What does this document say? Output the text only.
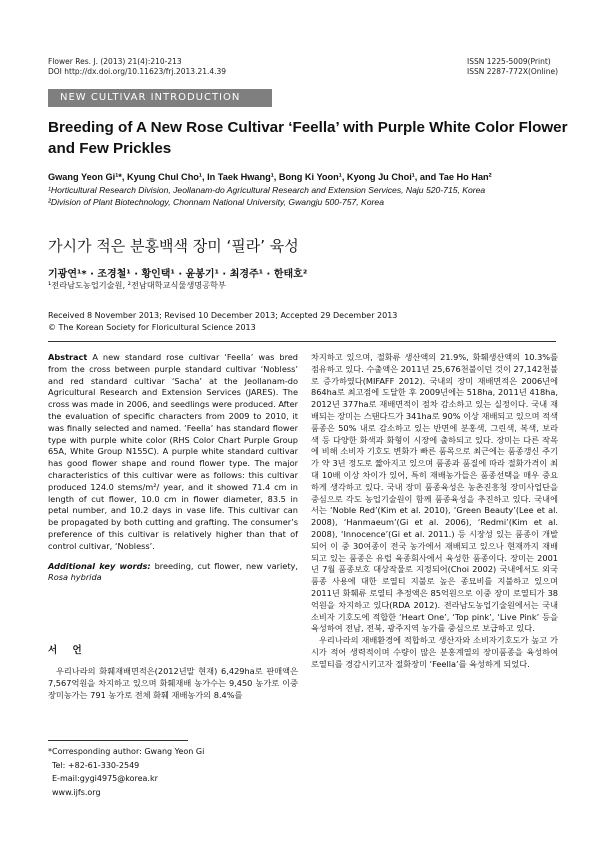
Flower Res. J. (2013) 21(4):210-213
DOI http://dx.doi.org/10.11623/frj.2013.21.4.39
ISSN 1225-5009(Print)
ISSN 2287-772X(Online)
NEW CULTIVAR INTRODUCTION
Breeding of A New Rose Cultivar ‘Feella’ with Purple White Color Flower and Few Prickles
Gwang Yeon Gi¹*, Kyung Chul Cho¹, In Taek Hwang¹, Bong Ki Yoon¹, Kyong Ju Choi¹, and Tae Ho Han²
¹Horticultural Research Division, Jeollanam-do Agricultural Research and Extension Services, Naju 520-715, Korea
²Division of Plant Biotechnology, Chonnam National University, Gwangju 500-757, Korea
가시가 적은 분홍백색 장미 ‘필라’ 육성
기광연¹* · 조경철¹ · 황인택¹ · 윤봉기¹ · 최경주¹ · 한태호²
¹전라남도농업기술원, ²전남대학교식물생명공학부
Received 8 November 2013; Revised 10 December 2013; Accepted 29 December 2013
© The Korean Society for Floricultural Science 2013

Abstract A new standard rose cultivar ‘Feella’ was bred from the cross between purple standard cultivar ‘Nobless’ and red standard cultivar ‘Sacha’ at the Jeollanam-do Agricultural Research and Extension Services (JARES). The cross was made in 2006, and seedlings were produced. After the evaluation of specific characters from 2009 to 2010, it was finally selected and named. ‘Feella’ has standard flower type with purple white color (RHS Color Chart Purple Group 65A, White Group N155C). A purple white standard cultivar has good flower shape and round flower type. The major characteristics of this cultivar were as follows: this cultivar produced 124.0 stems/m²/ year, and it showed 71.4 cm in length of cut flower, 10.0 cm in flower diameter, 83.5 in petal number, and 10.2 days in vase life. This cultivar can be propagated by both cutting and grafting. The consumer’s preference of this cultivar is relatively higher than that of control cultivar, ‘Nobless’.

Additional key words: breeding, cut flower, new variety, Rosa hybrida

서 언

우리나라의 화훼재배면적은(2012년말 현재) 6,429ha로 판매액은 7,567억원을 차지하고 있으며 화훼재배 농가수는 9,450 농가로 이중 장미농가는 791 농가로 전체 화훼 재배농가의 8.4%를

*Corresponding author: Gwang Yeon Gi
Tel: +82-61-330-2549
E-mail:gygi4975@korea.kr
www.ijfs.org

차지하고 있으며, 절화류 생산액의 21.9%, 화훼생산액의 10.3%를 점유하고 있다. 수출액은 2011년 25,676천불이던 것이 27,142천불로 증가하였다(MIFAFF 2012). 국내의 장미 재배면적은 2006년에 864ha로 최고점에 도달한 후 2009년에는 518ha, 2011년 418ha, 2012년 377ha로 재배면적이 점차 감소하고 있는 실정이다. 국내 재배되는 장미는 스탠다드가 341ha로 90% 이상 재배되고 있으며 적색품종은 50% 내로 감소하고 있는 반면에 분홍색, 그린색, 복색, 보라색 등 다양한 화색과 화형이 시장에 출하되고 있다. 장미는 다른 작목에 비해 소비자 기호도 변화가 빠른 품목으로 최근에는 품종갱신 주기가 약 3년 정도로 짧아지고 있으며 품종과 품질에 따라 절화가격이 최대 10배 이상 차이가 있어, 특히 재배농가들은 품종선택을 매우 중요하게 생각하고 있다. 국내 장미 품종육성은 농촌진흥청 장미사업단을 중심으로 각도 농업기술원이 함께 품종육성을 추진하고 있다. 국내에서는 ‘Noble Red’(Kim et al. 2010), ‘Green Beauty’(Lee et al. 2008), ‘Hanmaeum’(Gi et al. 2006), ‘Redmi’(Kim et al. 2008), ‘Innocence’(Gi et al. 2011.) 등 시장성 있는 품종이 개발되어 이 중 30여종이 전국 농가에서 재배되고 있으나 현재까지 재배되고 있는 품종은 유럽 육종회사에서 육성한 품종이다. 장미는 2001년 7월 품종보호 대상작물로 지정되어(Choi 2002) 국내에서도 외국 품종 사용에 대한 로열티 지불로 높은 종묘비를 지불하고 있으며 2011년 화훼류 로열티 추정액은 85억원으로 이중 장미 로열티가 38억원을 차지하고 있다(RDA 2012). 전라남도농업기술원에서는 국내 소비자 기호도에 적합한 ‘Heart One’, ‘Top pink’, ‘Live Pink’ 등을 육성하여 전남, 전북, 광주지역 농가를 중심으로 보급하고 있다.

우리나라의 재배환경에 적합하고 생산자와 소비자기호도가 높고 가시가 적어 생력적이며 수량이 많은 분홍계열의 장미품종을 육성하여 로열티를 경감시키고자 절화장미 ‘Feella’를 육성하게 되었다.
